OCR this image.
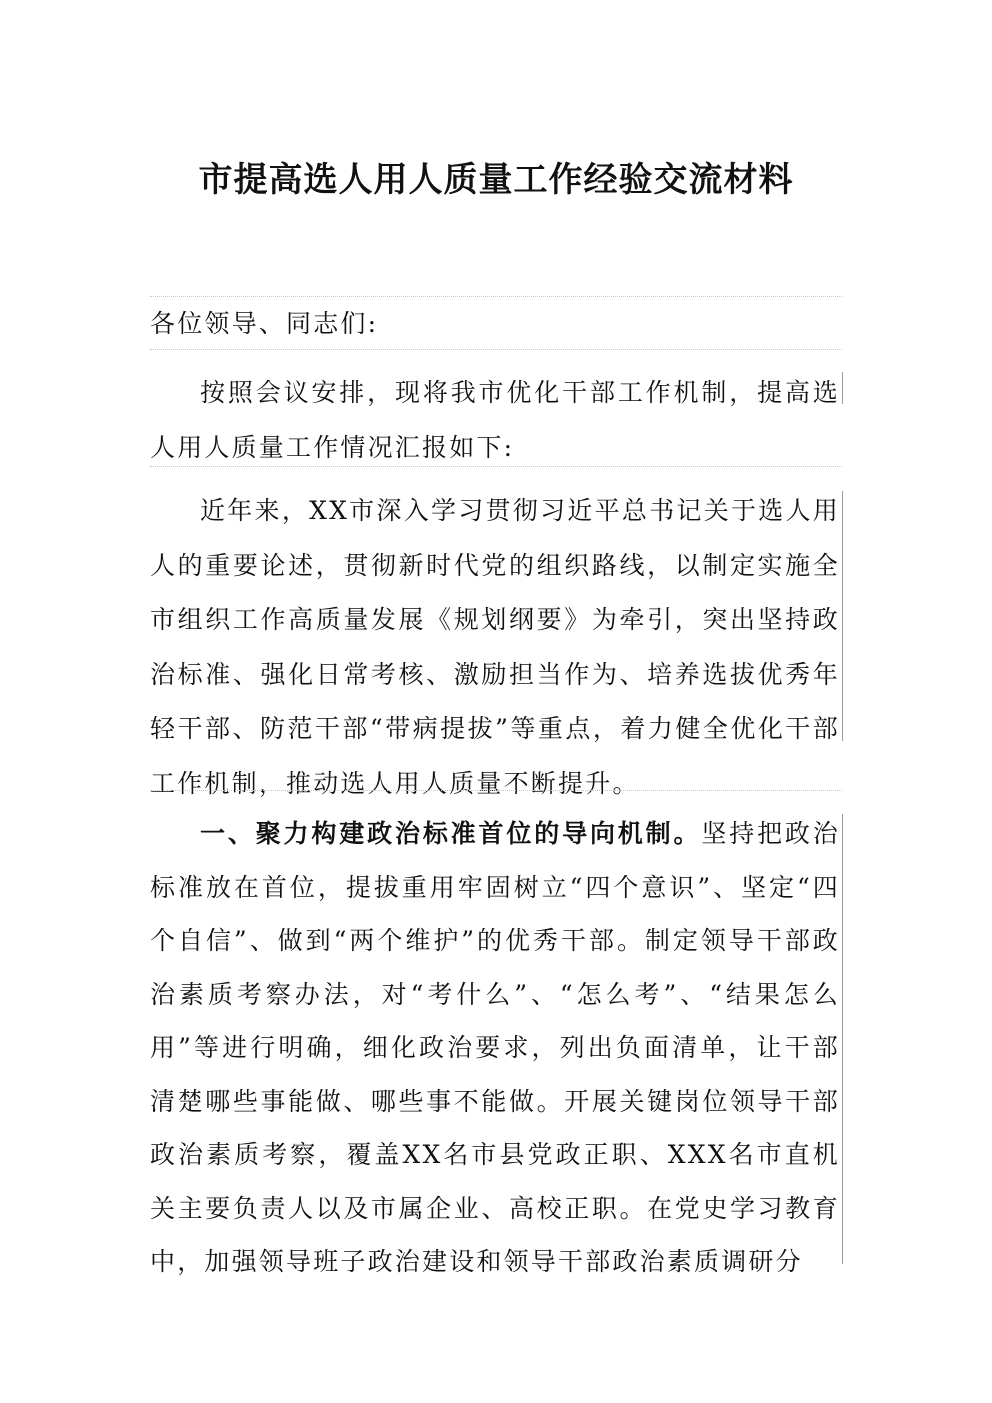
市提高选人用人质量工作经验交流材料

各位领导、同志们:

按照会议安排，现将我市优化干部工作机制，提高选人用人质量工作情况汇报如下:

近年来，XX市深入学习贯彻习近平总书记关于选人用人的重要论述，贯彻新时代党的组织路线，以制定实施全市组织工作高质量发展《规划纲要》为牵引，突出坚持政 治标准、强化日常考核、激励担当作为、培养选拔优秀年轻干部、防范干部“带病提拔”等重点，着力健全优化干部工作机制，推动选人用人质量不断提升。

一、聚力构建政治标准首位的导向机制。坚持把政治标准放在首位，提拔重用牢固树立“四个意识”、坚定“四个自信”、做到“两个维护”的优秀干部。制定领导干部政治素质考察办法，对“考什么”、“怎么考”、“结果怎么用”等进行明确，细化政治要求，列出负面清单，让干部清楚哪些事能做、哪些事不能做。开展关键岗位领导干部政治素质考察，覆盖XX名市县党政正职、XXX名市直机关主要负责人以及市属企业、高校正职。在党史学习教育中，加强领导班子政治建设和领导干部政治素质调研分
